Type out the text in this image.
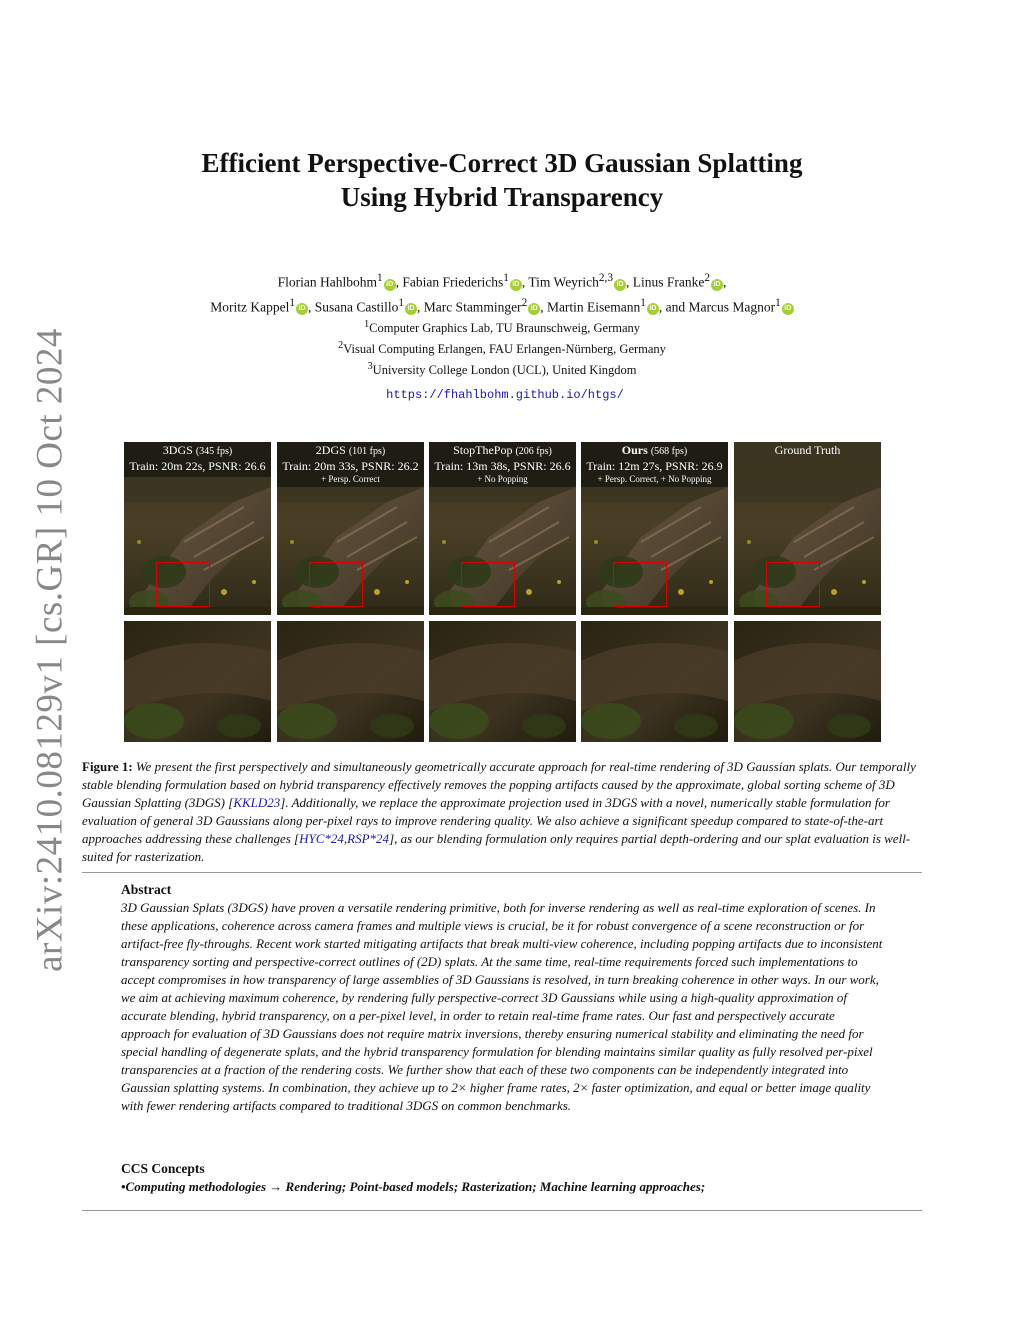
arXiv:2410.08129v1 [cs.GR] 10 Oct 2024
Efficient Perspective-Correct 3D Gaussian Splatting
Using Hybrid Transparency
Florian Hahlbohm$^1$ iD , Fabian Friederichs$^1$ iD , Tim Weyrich$^{2,3}$ iD , Linus Franke$^2$ iD ,
Moritz Kappel$^1$ iD , Susana Castillo$^1$ iD , Marc Stamminger$^2$ iD , Martin Eisemann$^1$ iD , and Marcus Magnor$^1$ iD
$^1$Computer Graphics Lab, TU Braunschweig, Germany
$^2$Visual Computing Erlangen, FAU Erlangen-Nürnberg, Germany
$^3$University College London (UCL), United Kingdom
https://fhahlbohm.github.io/htgs/
3DGS (345 fps)
Train: 20m 22s, PSNR: 26.6
2DGS (101 fps)
Train: 20m 33s, PSNR: 26.2
+ Persp. Correct
StopThePop (206 fps)
Train: 13m 38s, PSNR: 26.6
+ No Popping
Ours (568 fps)
Train: 12m 27s, PSNR: 26.9
+ Persp. Correct, + No Popping
Ground Truth
Figure 1: We present the first perspectively and simultaneously geometrically accurate approach for real-time rendering of 3D Gaussian splats. Our temporally stable blending formulation based on hybrid transparency effectively removes the popping artifacts caused by the approximate, global sorting scheme of 3D Gaussian Splatting (3DGS) [KKLD23]. Additionally, we replace the approximate projection used in 3DGS with a novel, numerically stable formulation for evaluation of general 3D Gaussians along per-pixel rays to improve rendering quality. We also achieve a significant speedup compared to state-of-the-art approaches addressing these challenges [HYC*24,RSP*24], as our blending formulation only requires partial depth-ordering and our splat evaluation is well-suited for rasterization.
Abstract

3D Gaussian Splats (3DGS) have proven a versatile rendering primitive, both for inverse rendering as well as real-time exploration of scenes. In these applications, coherence across camera frames and multiple views is crucial, be it for robust convergence of a scene reconstruction or for artifact-free fly-throughs. Recent work started mitigating artifacts that break multi-view coherence, including popping artifacts due to inconsistent transparency sorting and perspective-correct outlines of (2D) splats. At the same time, real-time requirements forced such implementations to accept compromises in how transparency of large assemblies of 3D Gaussians is resolved, in turn breaking coherence in other ways. In our work, we aim at achieving maximum coherence, by rendering fully perspective-correct 3D Gaussians while using a high-quality approximation of accurate blending, hybrid transparency, on a per-pixel level, in order to retain real-time frame rates. Our fast and perspectively accurate approach for evaluation of 3D Gaussians does not require matrix inversions, thereby ensuring numerical stability and eliminating the need for special handling of degenerate splats, and the hybrid transparency formulation for blending maintains similar quality as fully resolved per-pixel transparencies at a fraction of the rendering costs. We further show that each of these two components can be independently integrated into Gaussian splatting systems. In combination, they achieve up to 2× higher frame rates, 2× faster optimization, and equal or better image quality with fewer rendering artifacts compared to traditional 3DGS on common benchmarks.

CCS Concepts

•Computing methodologies → Rendering; Point-based models; Rasterization; Machine learning approaches;
